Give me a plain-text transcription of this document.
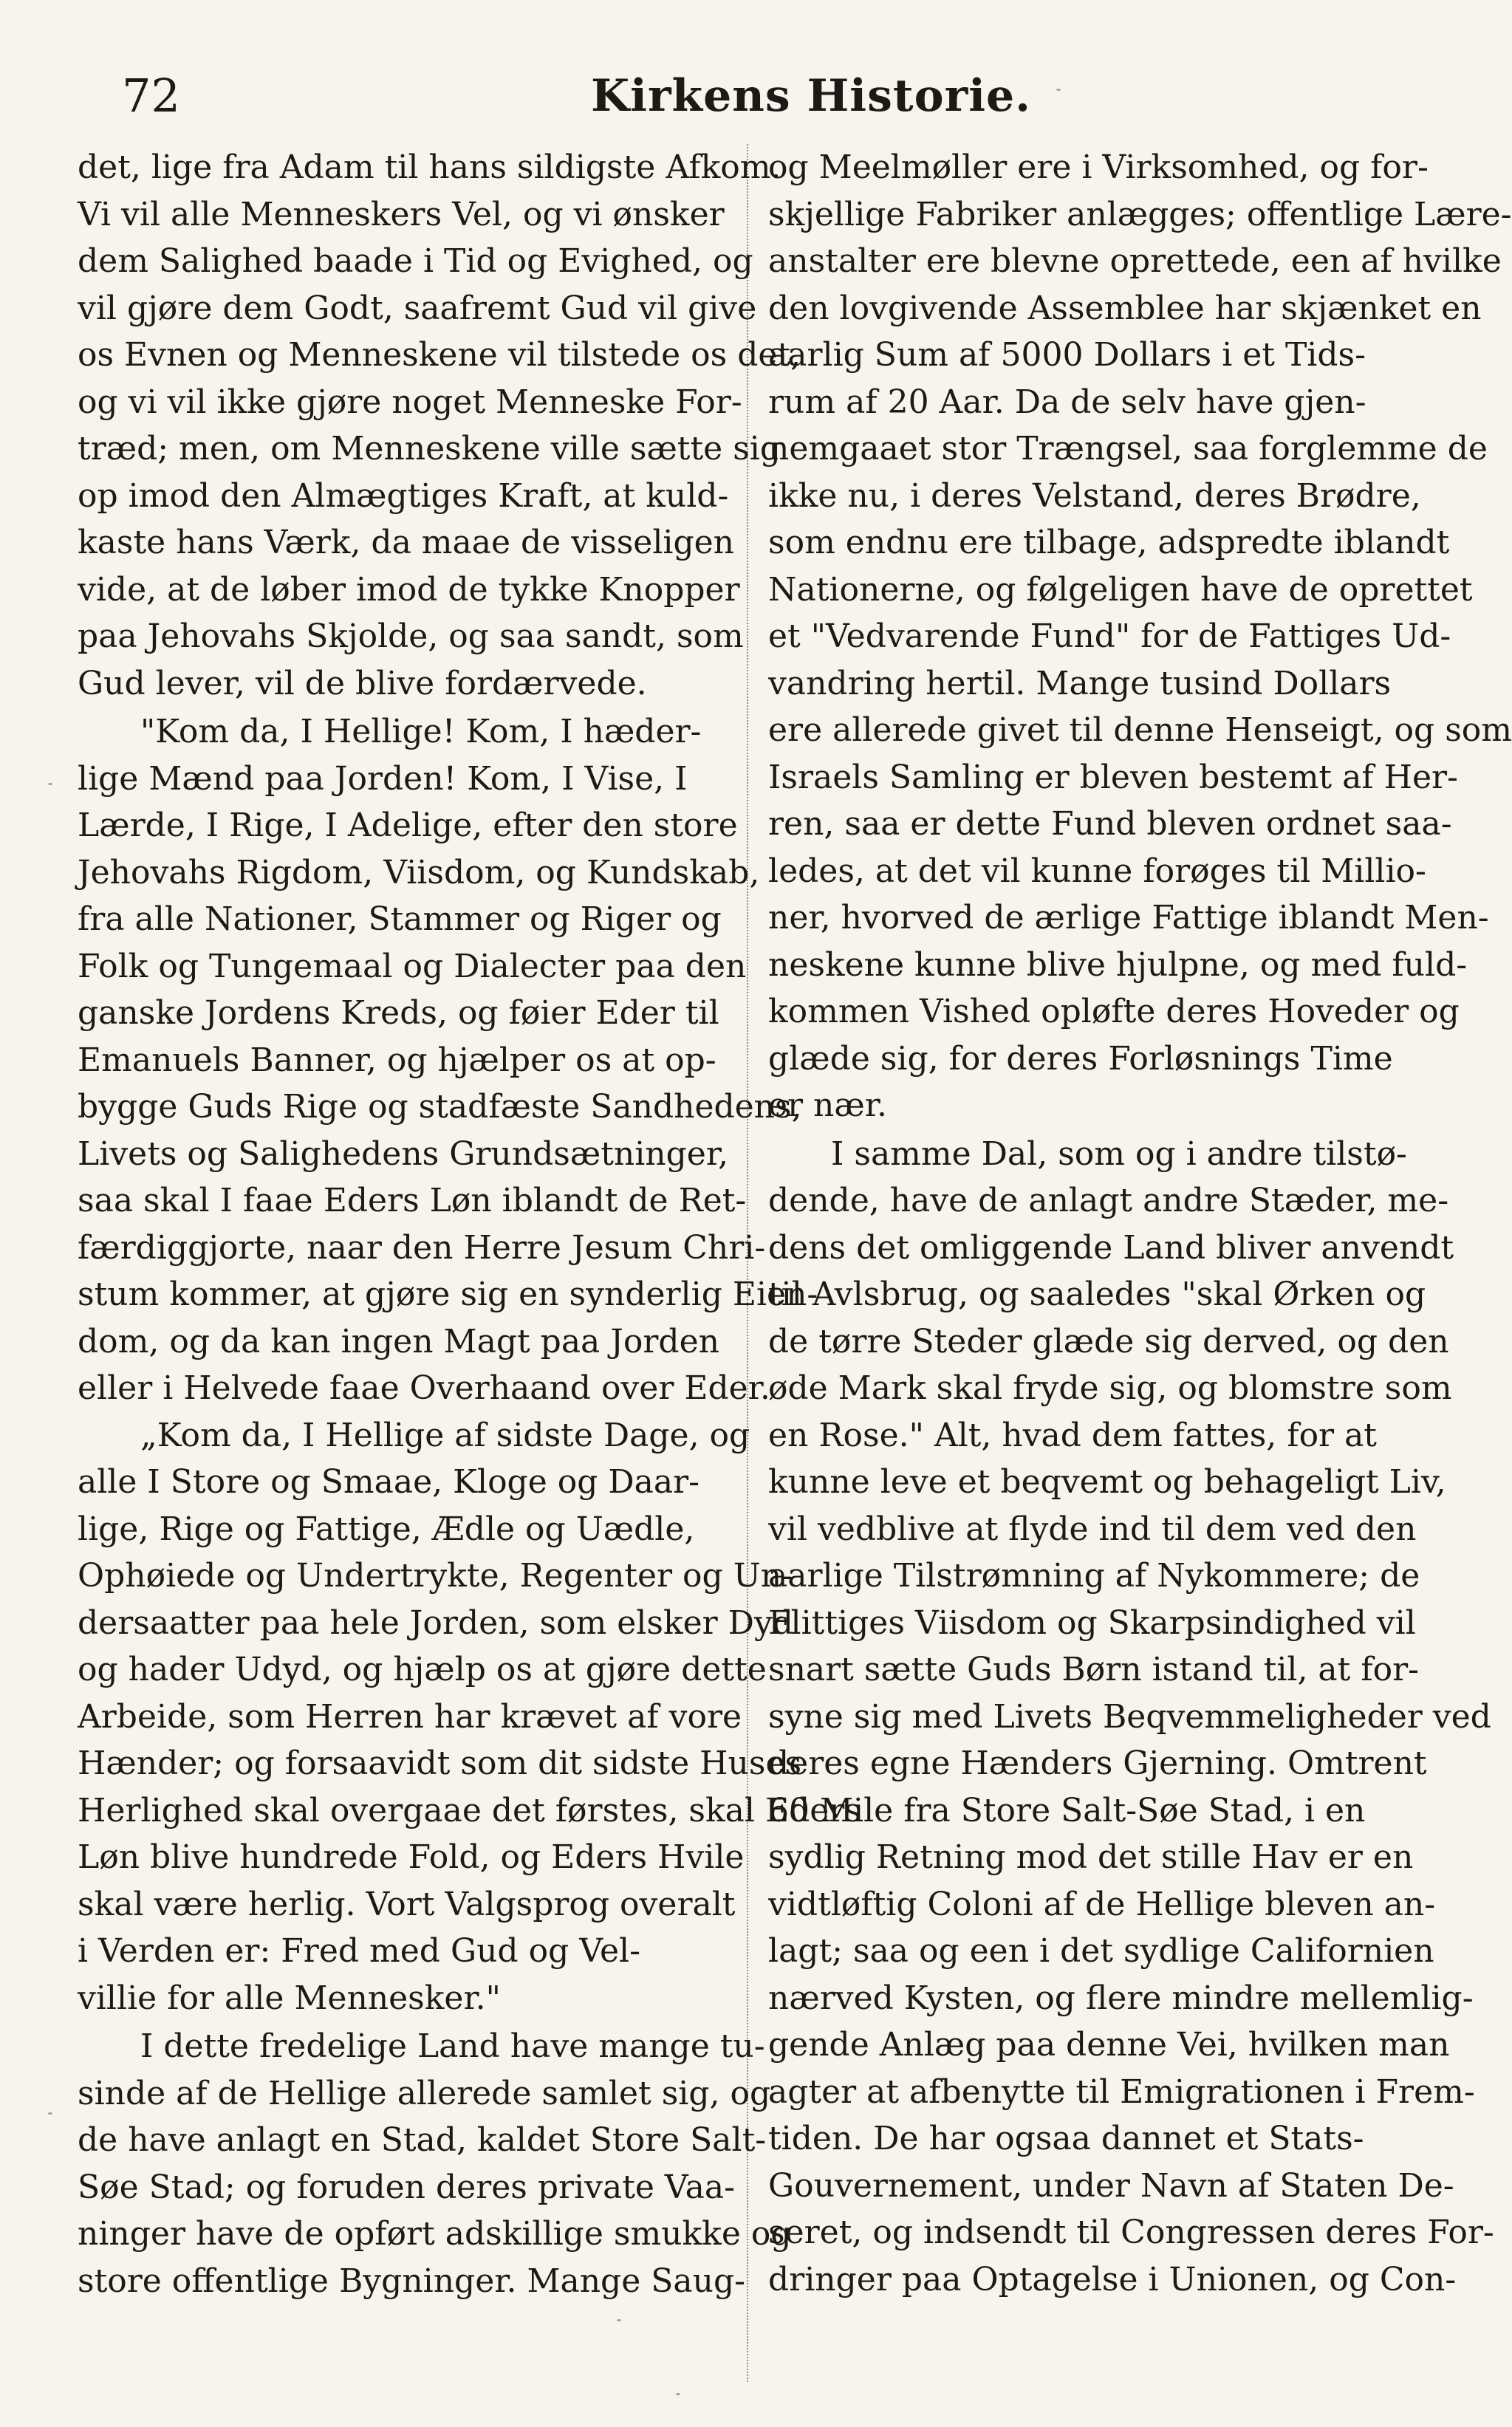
72	Kirkens Historie.
det, lige fra Adam til hans sildigste Afkom.
Vi vil alle Menneskers Vel, og vi ønsker
dem Salighed baade i Tid og Evighed, og
vil gjøre dem Godt, saafremt Gud vil give
os Evnen og Menneskene vil tilstede os det,
og vi vil ikke gjøre noget Menneske For-
træd; men, om Menneskene ville sætte sig
op imod den Almægtiges Kraft, at kuld-
kaste hans Værk, da maae de visseligen
vide, at de løber imod de tykke Knopper
paa Jehovahs Skjolde, og saa sandt, som
Gud lever, vil de blive fordærvede.
"Kom da, I Hellige! Kom, I hæder-
lige Mænd paa Jorden! Kom, I Vise, I
Lærde, I Rige, I Adelige, efter den store
Jehovahs Rigdom, Viisdom, og Kundskab,
fra alle Nationer, Stammer og Riger og
Folk og Tungemaal og Dialecter paa den
ganske Jordens Kreds, og føier Eder til
Emanuels Banner, og hjælper os at op-
bygge Guds Rige og stadfæste Sandhedens,
Livets og Salighedens Grundsætninger,
saa skal I faae Eders Løn iblandt de Ret-
færdiggjorte, naar den Herre Jesum Chri-
stum kommer, at gjøre sig en synderlig Eien-
dom, og da kan ingen Magt paa Jorden
eller i Helvede faae Overhaand over Eder.
„Kom da, I Hellige af sidste Dage, og
alle I Store og Smaae, Kloge og Daar-
lige, Rige og Fattige, Ædle og Uædle,
Ophøiede og Undertrykte, Regenter og Un-
dersaatter paa hele Jorden, som elsker Dyd
og hader Udyd, og hjælp os at gjøre dette
Arbeide, som Herren har krævet af vore
Hænder; og forsaavidt som dit sidste Huses
Herlighed skal overgaae det førstes, skal Eders
Løn blive hundrede Fold, og Eders Hvile
skal være herlig. Vort Valgsprog overalt
i Verden er: Fred med Gud og Vel-
villie for alle Mennesker."
I dette fredelige Land have mange tu-
sinde af de Hellige allerede samlet sig, og
de have anlagt en Stad, kaldet Store Salt-
Søe Stad; og foruden deres private Vaa-
ninger have de opført adskillige smukke og
store offentlige Bygninger. Mange Saug-
og Meelmøller ere i Virksomhed, og for-
skjellige Fabriker anlægges; offentlige Lære-
anstalter ere blevne oprettede, een af hvilke
den lovgivende Assemblee har skjænket en
aarlig Sum af 5000 Dollars i et Tids-
rum af 20 Aar. Da de selv have gjen-
nemgaaet stor Trængsel, saa forglemme de
ikke nu, i deres Velstand, deres Brødre,
som endnu ere tilbage, adspredte iblandt
Nationerne, og følgeligen have de oprettet
et "Vedvarende Fund" for de Fattiges Ud-
vandring hertil. Mange tusind Dollars
ere allerede givet til denne Henseigt, og som
Israels Samling er bleven bestemt af Her-
ren, saa er dette Fund bleven ordnet saa-
ledes, at det vil kunne forøges til Millio-
ner, hvorved de ærlige Fattige iblandt Men-
neskene kunne blive hjulpne, og med fuld-
kommen Vished opløfte deres Hoveder og
glæde sig, for deres Forløsnings Time
er nær.
I samme Dal, som og i andre tilstø-
dende, have de anlagt andre Stæder, me-
dens det omliggende Land bliver anvendt
til Avlsbrug, og saaledes "skal Ørken og
de tørre Steder glæde sig derved, og den
øde Mark skal fryde sig, og blomstre som
en Rose." Alt, hvad dem fattes, for at
kunne leve et beqvemt og behageligt Liv,
vil vedblive at flyde ind til dem ved den
aarlige Tilstrømning af Nykommere; de
Flittiges Viisdom og Skarpsindighed vil
snart sætte Guds Børn istand til, at for-
syne sig med Livets Beqvemmeligheder ved
deres egne Hænders Gjerning. Omtrent
60 Mile fra Store Salt-Søe Stad, i en
sydlig Retning mod det stille Hav er en
vidtløftig Coloni af de Hellige bleven an-
lagt; saa og een i det sydlige Californien
nærved Kysten, og flere mindre mellemlig-
gende Anlæg paa denne Vei, hvilken man
agter at afbenytte til Emigrationen i Frem-
tiden. De har ogsaa dannet et Stats-
Gouvernement, under Navn af Staten De-
seret, og indsendt til Congressen deres For-
dringer paa Optagelse i Unionen, og Con-
